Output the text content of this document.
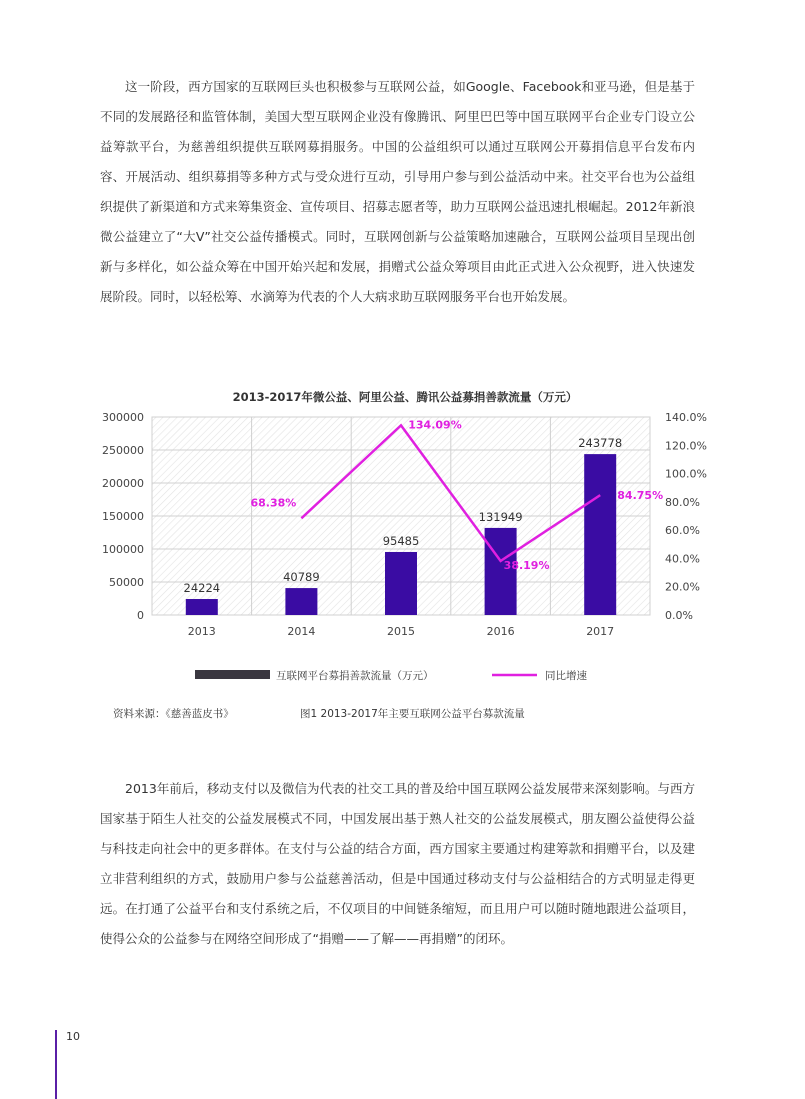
这一阶段，西方国家的互联网巨头也积极参与互联网公益，如Google、Facebook和亚马逊，但是基于不同的发展路径和监管体制，美国大型互联网企业没有像腾讯、阿里巴巴等中国互联网平台企业专门设立公益筹款平台，为慈善组织提供互联网募捐服务。中国的公益组织可以通过互联网公开募捐信息平台发布内容、开展活动、组织募捐等多种方式与受众进行互动，引导用户参与到公益活动中来。社交平台也为公益组织提供了新渠道和方式来筹集资金、宣传项目、招募志愿者等，助力互联网公益迅速扎根崛起。2012年新浪微公益建立了“大V”社交公益传播模式。同时，互联网创新与公益策略加速融合，互联网公益项目呈现出创新与多样化，如公益众筹在中国开始兴起和发展，捐赠式公益众筹项目由此正式进入公众视野，进入快速发展阶段。同时，以轻松筹、水滴筹为代表的个人大病求助互联网服务平台也开始发展。

2013-2017年微公益、阿里公益、腾讯公益募捐善款流量（万元）
24224
40789
95485
131949
243778
68.38%
134.09%
38.19%
84.75%
0
50000
100000
150000
200000
250000
300000
0.0%
20.0%
40.0%
60.0%
80.0%
100.0%
120.0%
140.0%
2013	2014	2015	2016	2017
互联网平台募捐善款流量（万元）	同比增速
资料来源：《慈善蓝皮书》	图1 2013-2017年主要互联网公益平台募款流量

2013年前后，移动支付以及微信为代表的社交工具的普及给中国互联网公益发展带来深刻影响。与西方国家基于陌生人社交的公益发展模式不同，中国发展出基于熟人社交的公益发展模式，朋友圈公益使得公益与科技走向社会中的更多群体。在支付与公益的结合方面，西方国家主要通过构建筹款和捐赠平台，以及建立非营利组织的方式，鼓励用户参与公益慈善活动，但是中国通过移动支付与公益相结合的方式明显走得更远。在打通了公益平台和支付系统之后，不仅项目的中间链条缩短，而且用户可以随时随地跟进公益项目，使得公众的公益参与在网络空间形成了“捐赠——了解——再捐赠”的闭环。

10
